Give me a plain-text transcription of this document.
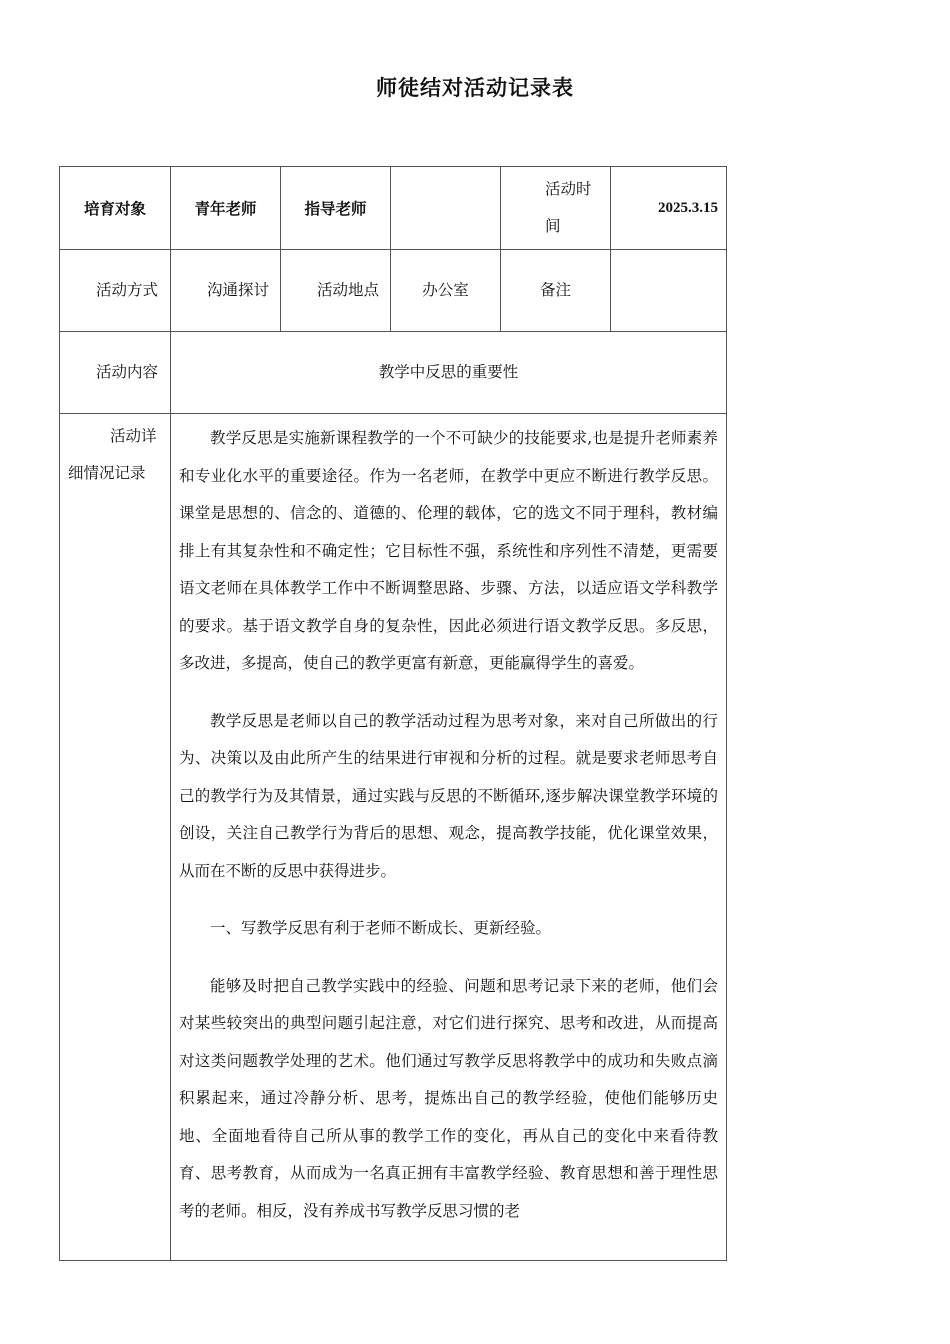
师徒结对活动记录表
培育对象	青年老师	指导老师		活动时间	2025.3.15
活动方式	沟通探讨	活动地点	办公室	备注	
活动内容	教学中反思的重要性				

活动详细情况记录	教学反思是实施新课程教学的一个不可缺少的技能要求,也是提升老师素养和专业化水平的重要途径。作为一名老师，在教学中更应不断进行教学反思。课堂是思想的、信念的、道德的、伦理的载体，它的选文不同于理科，教材编排上有其复杂性和不确定性；它目标性不强，系统性和序列性不清楚，更需要语文老师在具体教学工作中不断调整思路、步骤、方法，以适应语文学科教学的要求。基于语文教学自身的复杂性，因此必须进行语文教学反思。多反思，多改进，多提高，使自己的教学更富有新意，更能赢得学生的喜爱。

教学反思是老师以自己的教学活动过程为思考对象，来对自己所做出的行为、决策以及由此所产生的结果进行审视和分析的过程。就是要求老师思考自己的教学行为及其情景，通过实践与反思的不断循环,逐步解决课堂教学环境的创设，关注自己教学行为背后的思想、观念，提高教学技能，优化课堂效果，从而在不断的反思中获得进步。

一、写教学反思有利于老师不断成长、更新经验。

能够及时把自己教学实践中的经验、问题和思考记录下来的老师，他们会对某些较突出的典型问题引起注意，对它们进行探究、思考和改进，从而提高对这类问题教学处理的艺术。他们通过写教学反思将教学中的成功和失败点滴积累起来，通过冷静分析、思考，提炼出自己的教学经验，使他们能够历史地、全面地看待自己所从事的教学工作的变化，再从自己的变化中来看待教育、思考教育，从而成为一名真正拥有丰富教学经验、教育思想和善于理性思考的老师。相反，没有养成书写教学反思习惯的老				
